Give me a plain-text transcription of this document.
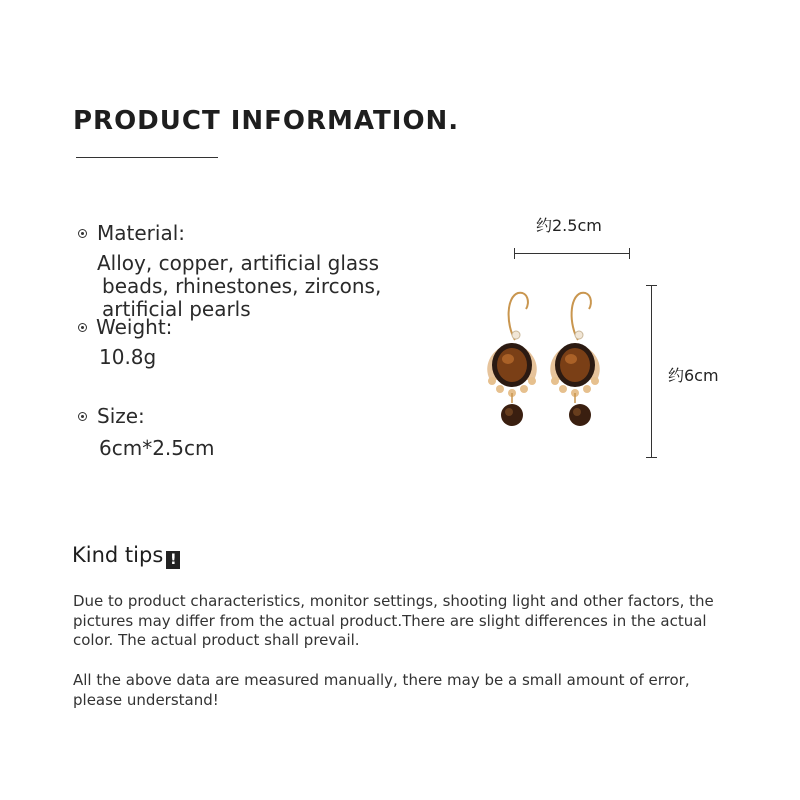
PRODUCT INFORMATION.
Material:
Alloy, copper, artificial glass
beads, rhinestones, zircons,
artificial pearls
Weight:
10.8g
Size:
6cm*2.5cm
约2.5cm
约6cm
Kind tips !
Due to product characteristics, monitor settings, shooting light and other factors, the pictures may differ from the actual product.There are slight differences in the actual color. The actual product shall prevail.
All the above data are measured manually, there may be a small amount of error, please understand!
